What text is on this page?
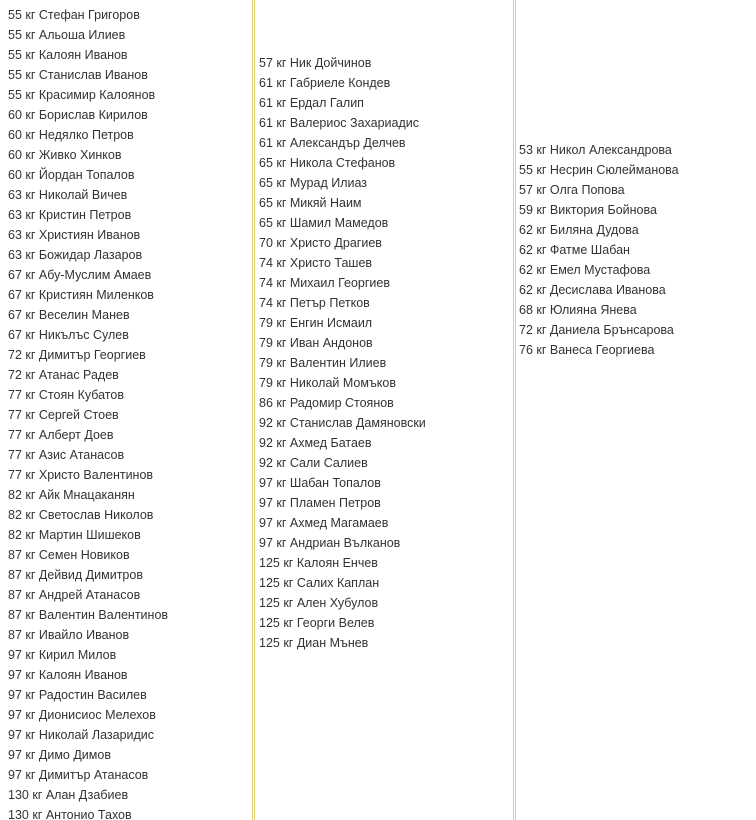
55 кг Стефан Григоров
55 кг Альоша Илиев
55 кг Калоян Иванов
55 кг Станислав Иванов
55 кг Красимир Калоянов
60 кг Борислав Кирилов
60 кг Недялко Петров
60 кг Живко Хинков
60 кг Йордан Топалов
63 кг Николай Вичев
63 кг Кристин Петров
63 кг Християн Иванов
63 кг Божидар Лазаров
67 кг Абу-Муслим Амаев
67 кг Кристиян Миленков
67 кг Веселин Манев
67 кг Никълъс Сулев
72 кг Димитър Георгиев
72 кг Атанас Радев
77 кг Стоян Кубатов
77 кг Сергей Стоев
77 кг Алберт Доев
77 кг Азис Атанасов
77 кг Христо Валентинов
82 кг Айк Мнацаканян
82 кг Светослав Николов
82 кг Мартин Шишеков
87 кг Семен Новиков
87 кг Дейвид Димитров
87 кг Андрей Атанасов
87 кг Валентин Валентинов
87 кг Ивайло Иванов
97 кг Кирил Милов
97 кг Калоян Иванов
97 кг Радостин Василев
97 кг Дионисиос Мелехов
97 кг Николай Лазаридис
97 кг Димо Димов
97 кг Димитър Атанасов
130 кг Алан Дзабиев
130 кг Антонио Тахов
57 кг Ник Дойчинов
61 кг Габриеле Кондев
61 кг Ердал Галип
61 кг Валериос Захариадис
61 кг Александър Делчев
65 кг Никола Стефанов
65 кг Мурад Илиаз
65 кг Микяй Наим
65 кг Шамил Мамедов
70 кг Христо Драгиев
74 кг Христо Ташев
74 кг Михаил Георгиев
74 кг Петър Петков
79 кг Енгин Исмаил
79 кг Иван Андонов
79 кг Валентин Илиев
79 кг Николай Момъков
86 кг Радомир Стоянов
92 кг Станислав Дамяновски
92 кг Ахмед Батаев
92 кг Сали Салиев
97 кг Шабан Топалов
97 кг Пламен Петров
97 кг Ахмед Магамаев
97 кг Андриан Вълканов
125 кг Калоян Енчев
125 кг Салих Каплан
125 кг Ален Хубулов
125 кг Георги Велев
125 кг Диан Мънев
53 кг Никол Александрова
55 кг Несрин Сюлейманова
57 кг Олга Попова
59 кг Виктория Бойнова
62 кг Биляна Дудова
62 кг Фатме Шабан
62 кг Емел Мустафова
62 кг Десислава Иванова
68 кг Юлияна Янева
72 кг Даниела Брънсарова
76 кг Ванеса Георгиева
